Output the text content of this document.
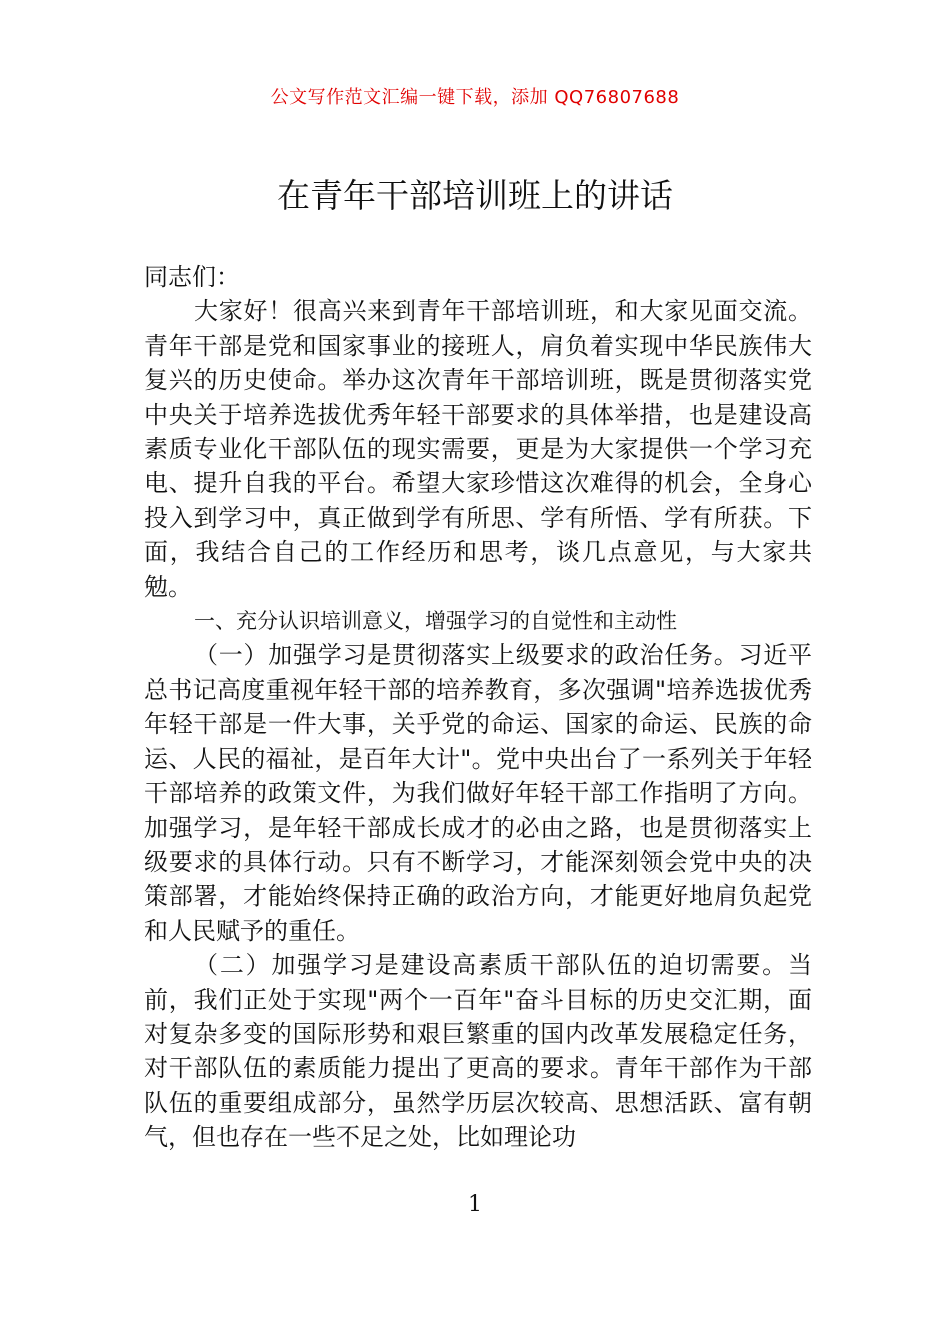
公文写作范文汇编一键下载，添加 QQ76807688
在青年干部培训班上的讲话

同志们：

大家好！很高兴来到青年干部培训班，和大家见面交流。青年干部是党和国家事业的接班人，肩负着实现中华民族伟大复兴的历史使命。举办这次青年干部培训班，既是贯彻落实党中央关于培养选拔优秀年轻干部要求的具体举措，也是建设高素质专业化干部队伍的现实需要，更是为大家提供一个学习充电、提升自我的平台。希望大家珍惜这次难得的机会，全身心投入到学习中，真正做到学有所思、学有所悟、学有所获。下面，我结合自己的工作经历和思考，谈几点意见，与大家共勉。

一、充分认识培训意义，增强学习的自觉性和主动性

（一）加强学习是贯彻落实上级要求的政治任务。习近平总书记高度重视年轻干部的培养教育，多次强调"培养选拔优秀年轻干部是一件大事，关乎党的命运、国家的命运、民族的命运、人民的福祉，是百年大计"。党中央出台了一系列关于年轻干部培养的政策文件，为我们做好年轻干部工作指明了方向。加强学习，是年轻干部成长成才的必由之路，也是贯彻落实上级要求的具体行动。只有不断学习，才能深刻领会党中央的决策部署，才能始终保持正确的政治方向，才能更好地肩负起党和人民赋予的重任。

（二）加强学习是建设高素质干部队伍的迫切需要。当前，我们正处于实现"两个一百年"奋斗目标的历史交汇期，面对复杂多变的国际形势和艰巨繁重的国内改革发展稳定任务，对干部队伍的素质能力提出了更高的要求。青年干部作为干部队伍的重要组成部分，虽然学历层次较高、思想活跃、富有朝气，但也存在一些不足之处，比如理论功

1
